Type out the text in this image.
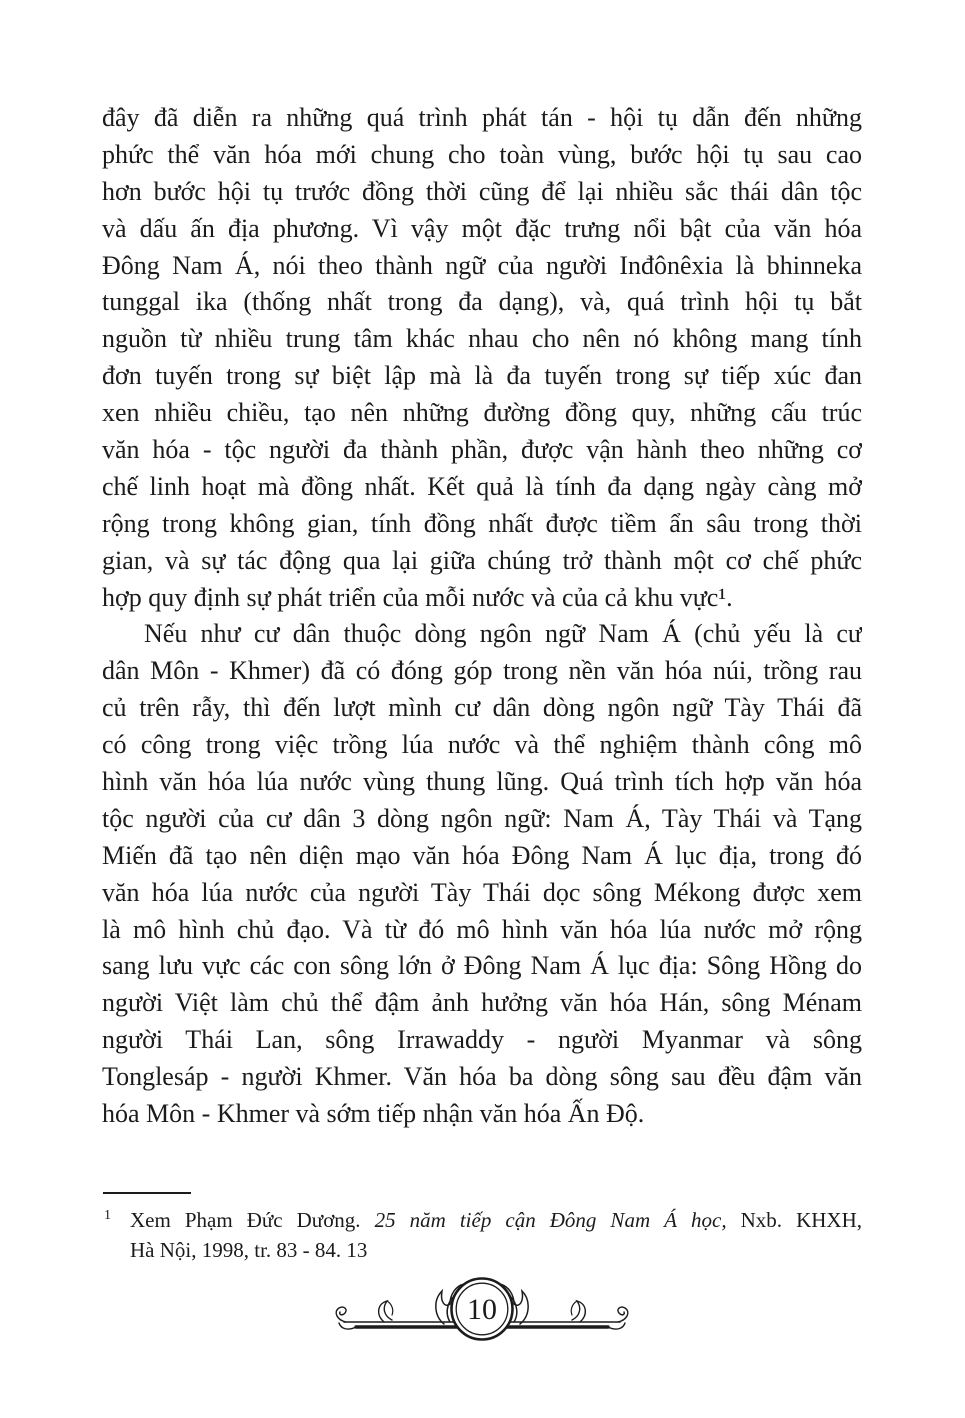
đây đã diễn ra những quá trình phát tán - hội tụ dẫn đến những
phức thể văn hóa mới chung cho toàn vùng, bước hội tụ sau cao
hơn bước hội tụ trước đồng thời cũng để lại nhiều sắc thái dân tộc
và dấu ấn địa phương. Vì vậy một đặc trưng nổi bật của văn hóa
Đông Nam Á, nói theo thành ngữ của người Inđônêxia là bhinneka
tunggal ika (thống nhất trong đa dạng), và, quá trình hội tụ bắt
nguồn từ nhiều trung tâm khác nhau cho nên nó không mang tính
đơn tuyến trong sự biệt lập mà là đa tuyến trong sự tiếp xúc đan
xen nhiều chiều, tạo nên những đường đồng quy, những cấu trúc
văn hóa - tộc người đa thành phần, được vận hành theo những cơ
chế linh hoạt mà đồng nhất. Kết quả là tính đa dạng ngày càng mở
rộng trong không gian, tính đồng nhất được tiềm ẩn sâu trong thời
gian, và sự tác động qua lại giữa chúng trở thành một cơ chế phức
hợp quy định sự phát triển của mỗi nước và của cả khu vực¹.
Nếu như cư dân thuộc dòng ngôn ngữ Nam Á (chủ yếu là cư
dân Môn - Khmer) đã có đóng góp trong nền văn hóa núi, trồng rau
củ trên rẫy, thì đến lượt mình cư dân dòng ngôn ngữ Tày Thái đã
có công trong việc trồng lúa nước và thể nghiệm thành công mô
hình văn hóa lúa nước vùng thung lũng. Quá trình tích hợp văn hóa
tộc người của cư dân 3 dòng ngôn ngữ: Nam Á, Tày Thái và Tạng
Miến đã tạo nên diện mạo văn hóa Đông Nam Á lục địa, trong đó
văn hóa lúa nước của người Tày Thái dọc sông Mékong được xem
là mô hình chủ đạo. Và từ đó mô hình văn hóa lúa nước mở rộng
sang lưu vực các con sông lớn ở Đông Nam Á lục địa: Sông Hồng do
người Việt làm chủ thể đậm ảnh hưởng văn hóa Hán, sông Ménam
người Thái Lan, sông Irrawaddy - người Myanmar và sông
Tonglesáp - người Khmer. Văn hóa ba dòng sông sau đều đậm văn
hóa Môn - Khmer và sớm tiếp nhận văn hóa Ấn Độ.
1 Xem Phạm Đức Dương. 25 năm tiếp cận Đông Nam Á học, Nxb. KHXH,
Hà Nội, 1998, tr. 83 - 84. 13
10
